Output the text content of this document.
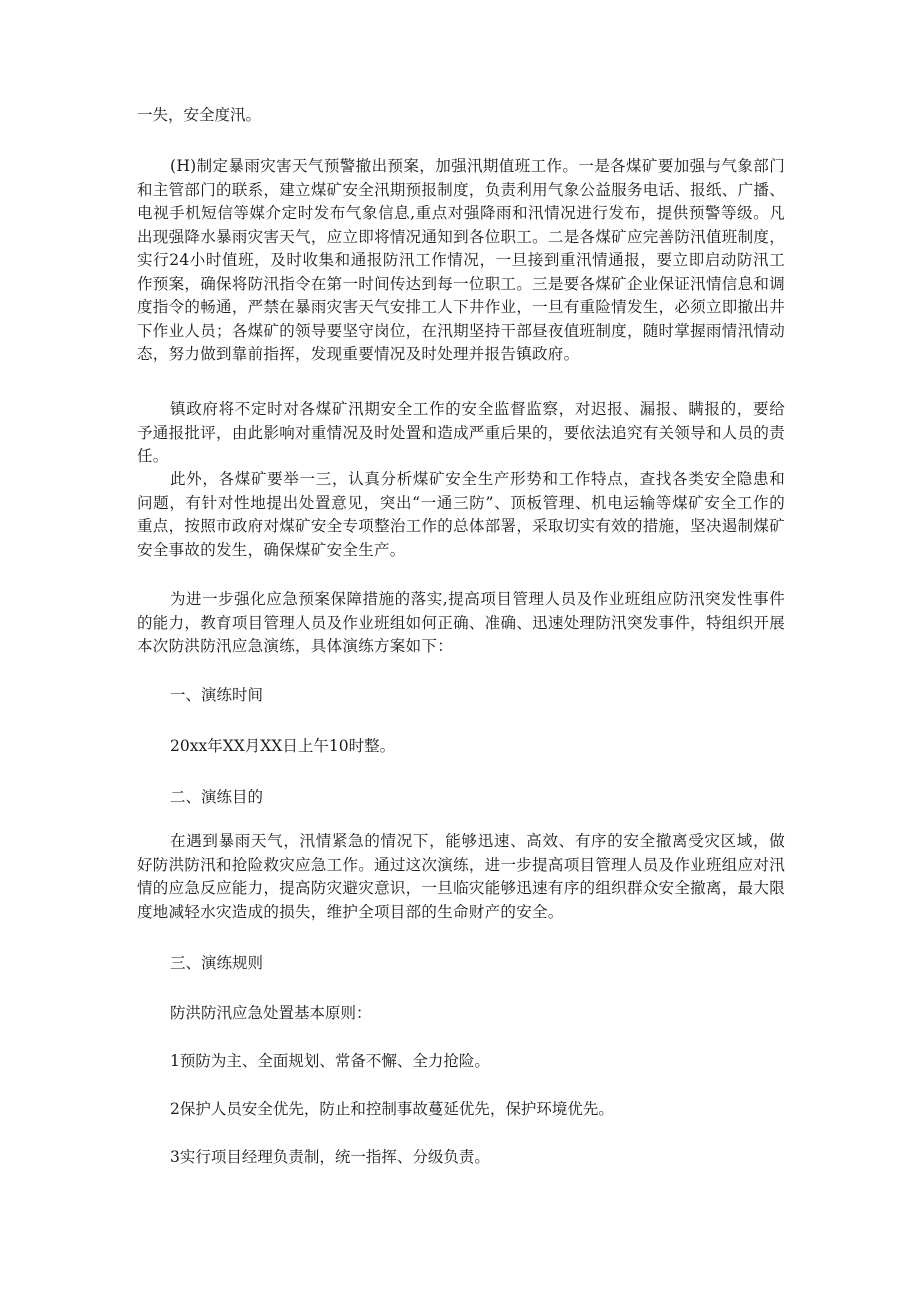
一失，安全度汛。
(H)制定暴雨灾害天气预警撤出预案，加强汛期值班工作。一是各煤矿要加强与气象部门和主管部门的联系，建立煤矿安全汛期预报制度，负责利用气象公益服务电话、报纸、广播、电视手机短信等媒介定时发布气象信息,重点对强降雨和汛情况进行发布，提供预警等级。凡出现强降水暴雨灾害天气，应立即将情况通知到各位职工。二是各煤矿应完善防汛值班制度，实行24小时值班，及时收集和通报防汛工作情况，一旦接到重汛情通报，要立即启动防汛工作预案，确保将防汛指令在第一时间传达到每一位职工。三是要各煤矿企业保证汛情信息和调度指令的畅通，严禁在暴雨灾害天气安排工人下井作业，一旦有重险情发生，必须立即撤出井下作业人员；各煤矿的领导要坚守岗位，在汛期坚持干部昼夜值班制度，随时掌握雨情汛情动态，努力做到靠前指挥，发现重要情况及时处理并报告镇政府。
镇政府将不定时对各煤矿汛期安全工作的安全监督监察，对迟报、漏报、瞒报的，要给予通报批评，由此影响对重情况及时处置和造成严重后果的，要依法追究有关领导和人员的责任。
此外，各煤矿要举一三，认真分析煤矿安全生产形势和工作特点，查找各类安全隐患和问题，有针对性地提出处置意见，突出“一通三防”、顶板管理、机电运输等煤矿安全工作的重点，按照市政府对煤矿安全专项整治工作的总体部署，采取切实有效的措施，坚决遏制煤矿安全事故的发生，确保煤矿安全生产。
为进一步强化应急预案保障措施的落实,提高项目管理人员及作业班组应防汛突发性事件的能力，教育项目管理人员及作业班组如何正确、准确、迅速处理防汛突发事件，特组织开展本次防洪防汛应急演练，具体演练方案如下：
一、演练时间
20xx年XX月XX日上午10时整。
二、演练目的
在遇到暴雨天气，汛情紧急的情况下，能够迅速、高效、有序的安全撤离受灾区域，做好防洪防汛和抢险救灾应急工作。通过这次演练，进一步提高项目管理人员及作业班组应对汛情的应急反应能力，提高防灾避灾意识，一旦临灾能够迅速有序的组织群众安全撤离，最大限度地减轻水灾造成的损失，维护全项目部的生命财产的安全。
三、演练规则
防洪防汛应急处置基本原则：
1预防为主、全面规划、常备不懈、全力抢险。
2保护人员安全优先，防止和控制事故蔓延优先，保护环境优先。
3实行项目经理负责制，统一指挥、分级负责。
